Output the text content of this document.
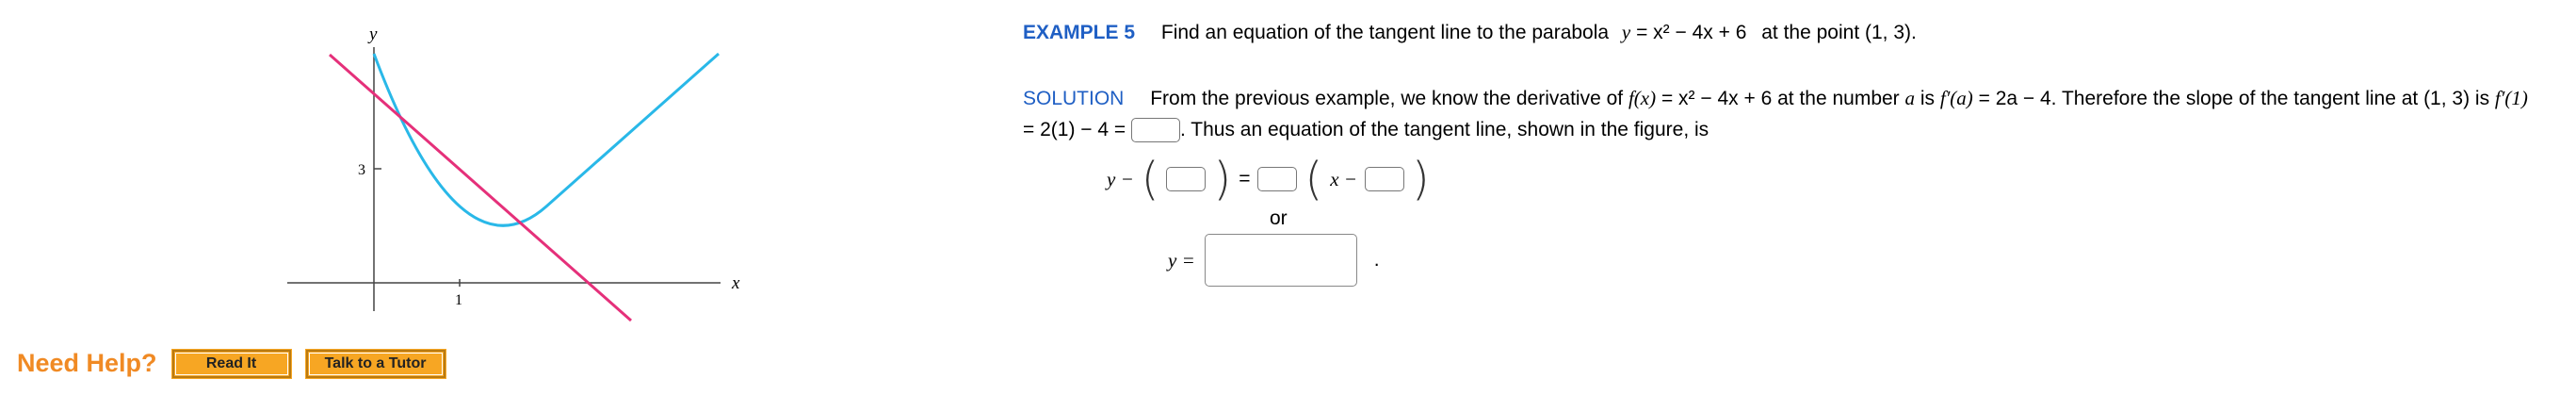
y
x
3
1
EXAMPLE 5 Find an equation of the tangent line to the parabola y = x² − 4x + 6 at the point (1, 3).
SOLUTION From the previous example, we know the derivative of f(x) = x² − 4x + 6 at the number a is f′(a) = 2a − 4. Therefore the slope of the tangent line at (1, 3) is f′(1) = 2(1) − 4 = . Thus an equation of the tangent line, shown in the figure, is
y − ( ) = ( x − )
or
y =	.
Need Help?	Read It	Talk to a Tutor
